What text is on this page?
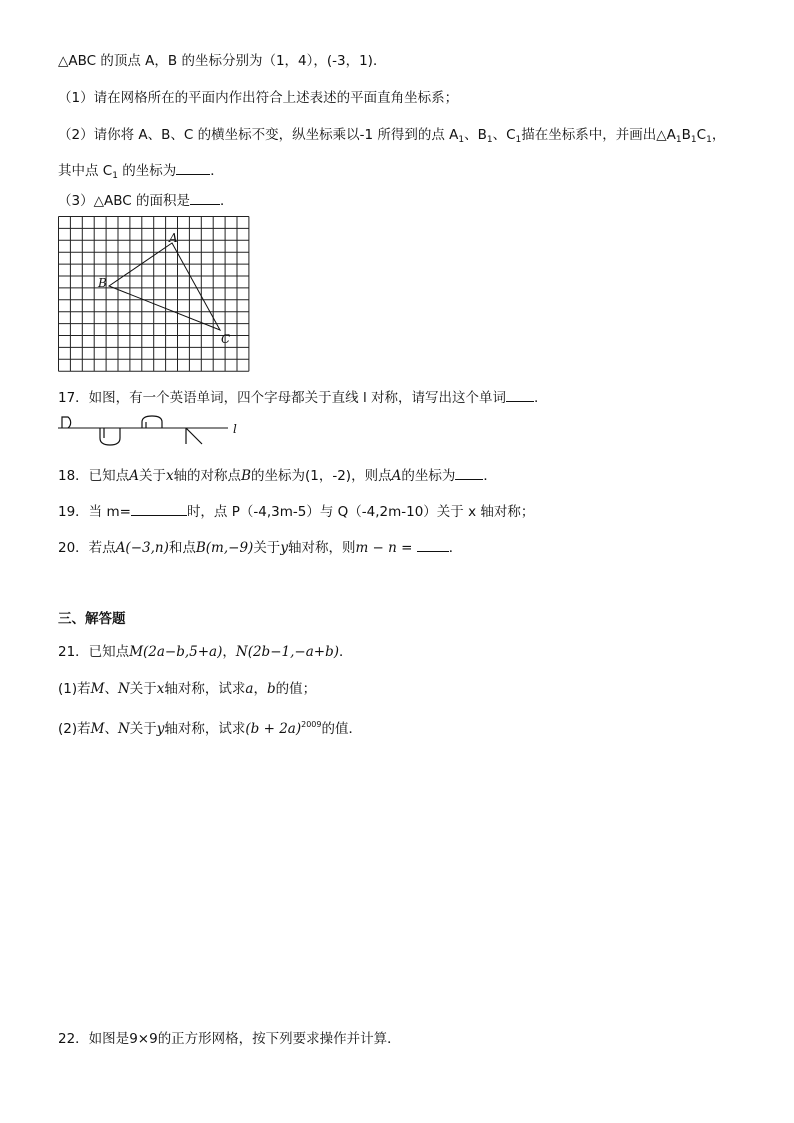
△ABC 的顶点 A，B 的坐标分别为（1，4），(-3，1)．
（1）请在网格所在的平面内作出符合上述表述的平面直角坐标系；
（2）请你将 A、B、C 的横坐标不变，纵坐标乘以-1 所得到的点 $A_1$、$B_1$、$C_1$描在坐标系中，并画出$\triangle A_1B_1C_1$，
其中点 $C_1$ 的坐标为	．
（3）△ABC 的面积是 ．
A
B
C
17．如图，有一个英语单词，四个字母都关于直线 l 对称，请写出这个单词 .
l
18．已知点A关于x轴的对称点B的坐标为(1，-2)，则点A的坐标为 ．
19．当 m=	时，点 P（-4,3m-5）与 Q（-4,2m-10）关于 x 轴对称；
20．若点A(−3,n)和点B(m,−9)关于y轴对称，则m − n =	．
三、解答题
21．已知点M(2a−b,5+a)，N(2b−1,−a+b)．
(1)若M、N关于x轴对称，试求a，b的值；
(2)若M、N关于y轴对称，试求$(b + 2a)^{2009}$的值．
22．如图是9×9的正方形网格，按下列要求操作并计算．
